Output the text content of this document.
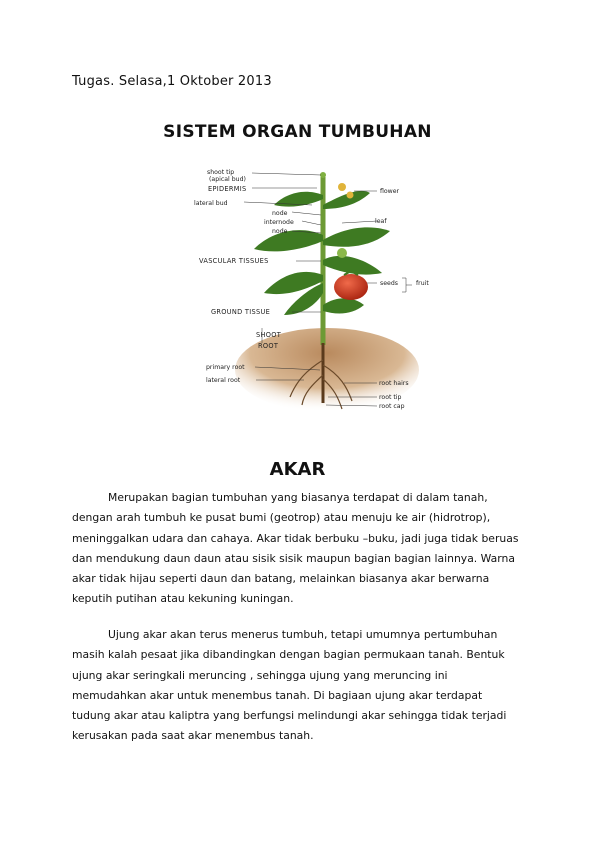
Tugas. Selasa,1 Oktober 2013
SISTEM ORGAN TUMBUHAN
shoot tip
(apical bud)
EPIDERMIS
lateral bud
node
internode
node
VASCULAR TISSUES
GROUND TISSUE
SHOOT
ROOT
primary root
lateral root
flower
leaf
seeds	fruit
root hairs
root tip
root cap
AKAR

Merupakan bagian tumbuhan yang biasanya terdapat di dalam tanah, dengan arah tumbuh ke pusat bumi (geotrop) atau menuju ke air (hidrotrop), meninggalkan udara dan cahaya. Akar tidak berbuku –buku, jadi juga tidak beruas dan mendukung daun daun atau sisik sisik maupun bagian bagian lainnya. Warna akar tidak hijau seperti daun dan batang, melainkan biasanya akar berwarna keputih putihan atau kekuning kuningan.

Ujung akar akan terus menerus tumbuh, tetapi umumnya pertumbuhan masih kalah pesaat jika dibandingkan dengan bagian permukaan tanah. Bentuk ujung akar seringkali meruncing , sehingga ujung yang meruncing ini memudahkan akar untuk menembus tanah. Di bagiaan ujung akar terdapat tudung akar atau kaliptra yang berfungsi melindungi akar sehingga tidak terjadi kerusakan pada saat akar menembus tanah.
